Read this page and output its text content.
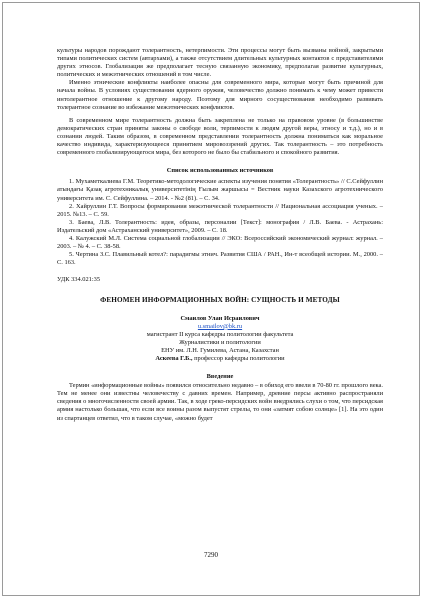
культуры народов порождают толерантность, нетерпимости. Эти процессы могут быть вызваны войной, закрытыми типами политических систем (автархами), а также отсутствием длительных культурных контактов с представителями других этносов. Глобализация же предполагает тесную связанную экономику, предполагая развитие культурных, политических и межэтнических отношений в том числе.

Именно этнические конфликты наиболее опасны для современного мира, которые могут быть причиной для начала войны. В условиях существования ядерного оружия, человечество должно понимать к чему может привести интолерантное отношение к другому народу. Поэтому для мирного сосуществования необходимо развивать толерантное сознание во избежание межэтнических конфликтов.

В современном мире толерантность должна быть закреплена не только на правовом уровне (в большинстве демократических стран приняты законы о свободе воли, терпимости к людям другой веры, этносу и т.д.), но и в сознании людей. Таким образом, в современном представлении толерантность должна пониматься как моральное качество индивида, характеризующееся принятием мировоззрений других. Так толерантность – это потребность современного глобализирующегося мира, без которого не было бы стабильного и спокойного развития.

Список использованных источников

1. Мухаметкалиева Г.М. Теоретико-методологические аспекты изучения понятия «Толерантность» // С.Сейфуллин атындағы Қазақ агротехникалық университетінің Ғылым жаршысы = Вестник науки Казахского агротехнического университета им. С. Сейфуллина. – 2014. - №2 (81). – С. 34.

2. Хайруллин Г.Т. Вопросы формирования межэтнической толерантности // Национальная ассоциация ученых. – 2015. №13. – С. 59.

3. Баева, Л.В. Толерантность: идея, образы, персоналии [Текст]: монография / Л.В. Баева. - Астрахань: Издательский дом «Астраханский университет», 2009. – С. 18.

4. Калужский М.Л. Система социальной глобализации // ЭКО: Всероссийский экономический журнал: журнал. – 2003. – № 4. – С. 38-58.

5. Чертина З.С. Плавильный котел?: парадигмы этнич. Развития США / РАН., Ин-т всеобщей истории. М., 2000. – С. 163.

УДК 334.021:35
ФЕНОМЕН ИНФОРМАЦИОННЫХ ВОЙН: СУЩНОСТЬ И МЕТОДЫ
Смаилов Улан Исраилович
u.smailov@bk.ru
магистрант II курса кафедры политологии факультета
Журналистики и политологии
ЕНУ им. Л.Н. Гумилева, Астана, Казахстан
Аскеева Г.Б., профессор кафедры политологии
Введение

Термин «информационные войны» появился относительно недавно – в обиход его ввели в 70-80 гг. прошлого века. Тем не менее они известны человечеству с давних времен. Например, древние персы активно распространяли сведения о многочисленности своей армии. Так, в ходе греко-персидских войн внедрялись слухи о том, что персидская армия настолько большая, что если все воины разом выпустят стрелы, то они «затмят собою солнце» [1]. На это один из спартанцев ответил, что в таком случае, «можно будет

7290
